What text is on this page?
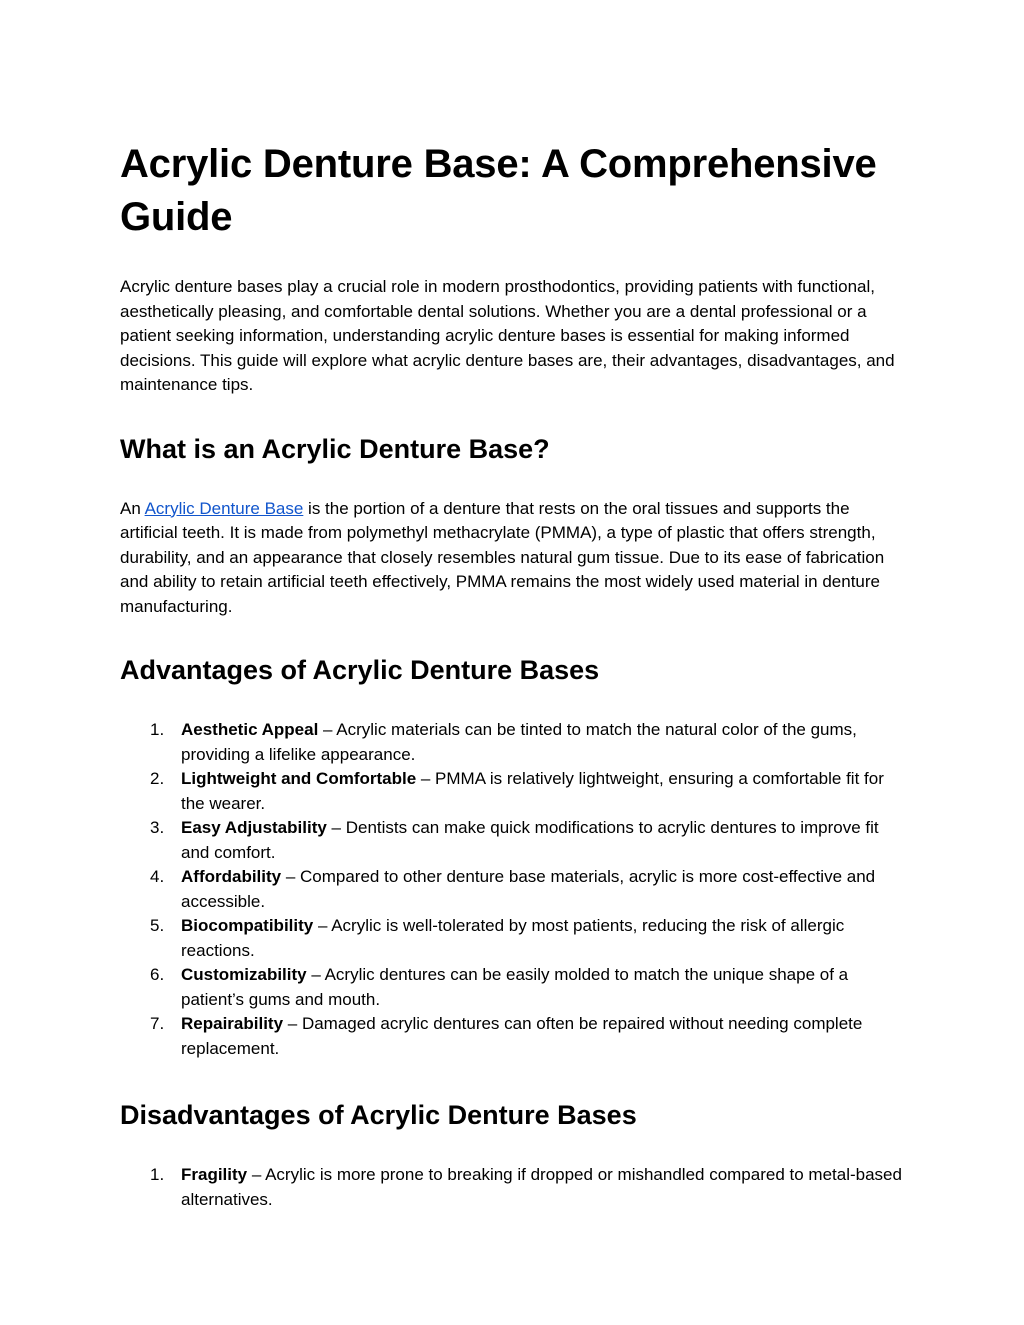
Acrylic Denture Base: A Comprehensive Guide

Acrylic denture bases play a crucial role in modern prosthodontics, providing patients with functional, aesthetically pleasing, and comfortable dental solutions. Whether you are a dental professional or a patient seeking information, understanding acrylic denture bases is essential for making informed decisions. This guide will explore what acrylic denture bases are, their advantages, disadvantages, and maintenance tips.

What is an Acrylic Denture Base?

An Acrylic Denture Base is the portion of a denture that rests on the oral tissues and supports the artificial teeth. It is made from polymethyl methacrylate (PMMA), a type of plastic that offers strength, durability, and an appearance that closely resembles natural gum tissue. Due to its ease of fabrication and ability to retain artificial teeth effectively, PMMA remains the most widely used material in denture manufacturing.

Advantages of Acrylic Denture Bases
1. Aesthetic Appeal – Acrylic materials can be tinted to match the natural color of the gums, providing a lifelike appearance.
2. Lightweight and Comfortable – PMMA is relatively lightweight, ensuring a comfortable fit for the wearer.
3. Easy Adjustability – Dentists can make quick modifications to acrylic dentures to improve fit and comfort.
4. Affordability – Compared to other denture base materials, acrylic is more cost-effective and accessible.
5. Biocompatibility – Acrylic is well-tolerated by most patients, reducing the risk of allergic reactions.
6. Customizability – Acrylic dentures can be easily molded to match the unique shape of a patient’s gums and mouth.
7. Repairability – Damaged acrylic dentures can often be repaired without needing complete replacement.
Disadvantages of Acrylic Denture Bases
1. Fragility – Acrylic is more prone to breaking if dropped or mishandled compared to metal-based alternatives.
